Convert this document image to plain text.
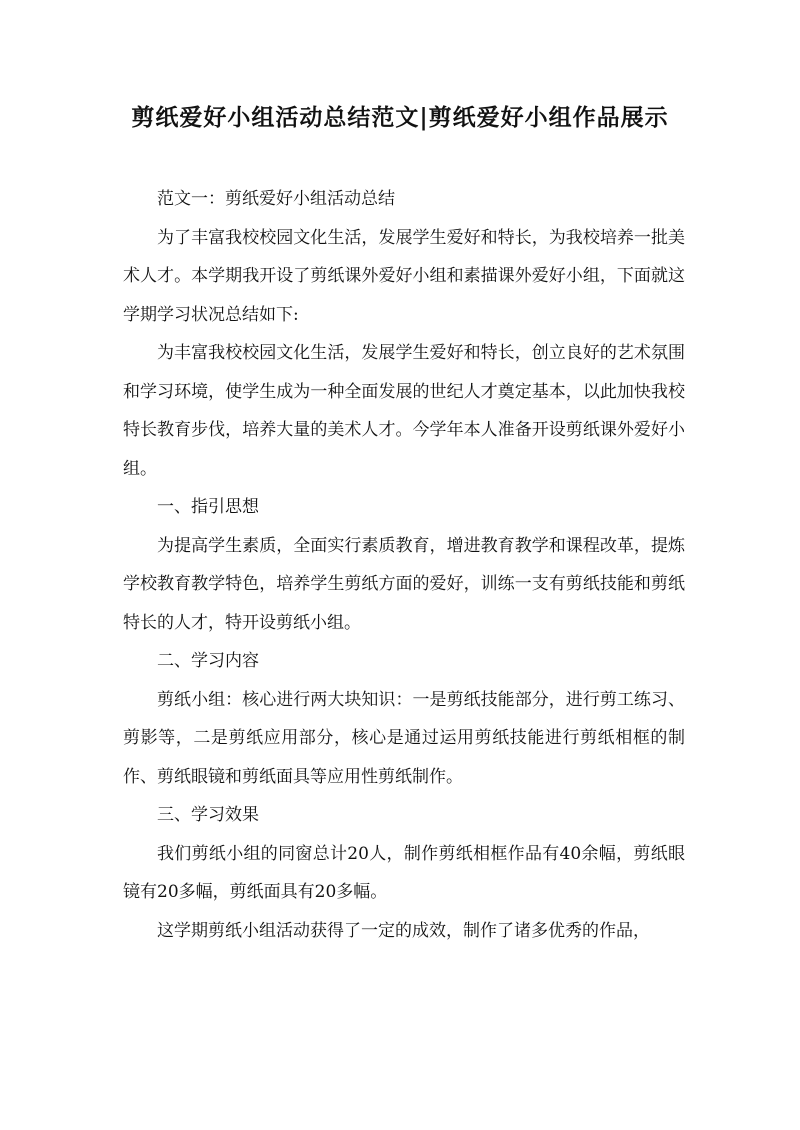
剪纸爱好小组活动总结范文|剪纸爱好小组作品展示

范文一：剪纸爱好小组活动总结

为了丰富我校校园文化生活，发展学生爱好和特长，为我校培养一批美术人才。本学期我开设了剪纸课外爱好小组和素描课外爱好小组，下面就这学期学习状况总结如下:

为丰富我校校园文化生活，发展学生爱好和特长，创立良好的艺术氛围和学习环境，使学生成为一种全面发展的世纪人才奠定基本，以此加快我校特长教育步伐，培养大量的美术人才。今学年本人准备开设剪纸课外爱好小组。

一、指引思想

为提高学生素质，全面实行素质教育，增进教育教学和课程改革，提炼学校教育教学特色，培养学生剪纸方面的爱好，训练一支有剪纸技能和剪纸特长的人才，特开设剪纸小组。

二、学习内容

剪纸小组：核心进行两大块知识：一是剪纸技能部分，进行剪工练习、剪影等，二是剪纸应用部分，核心是通过运用剪纸技能进行剪纸相框的制作、剪纸眼镜和剪纸面具等应用性剪纸制作。

三、学习效果

我们剪纸小组的同窗总计20人，制作剪纸相框作品有40余幅，剪纸眼镜有20多幅，剪纸面具有20多幅。

这学期剪纸小组活动获得了一定的成效，制作了诸多优秀的作品，
